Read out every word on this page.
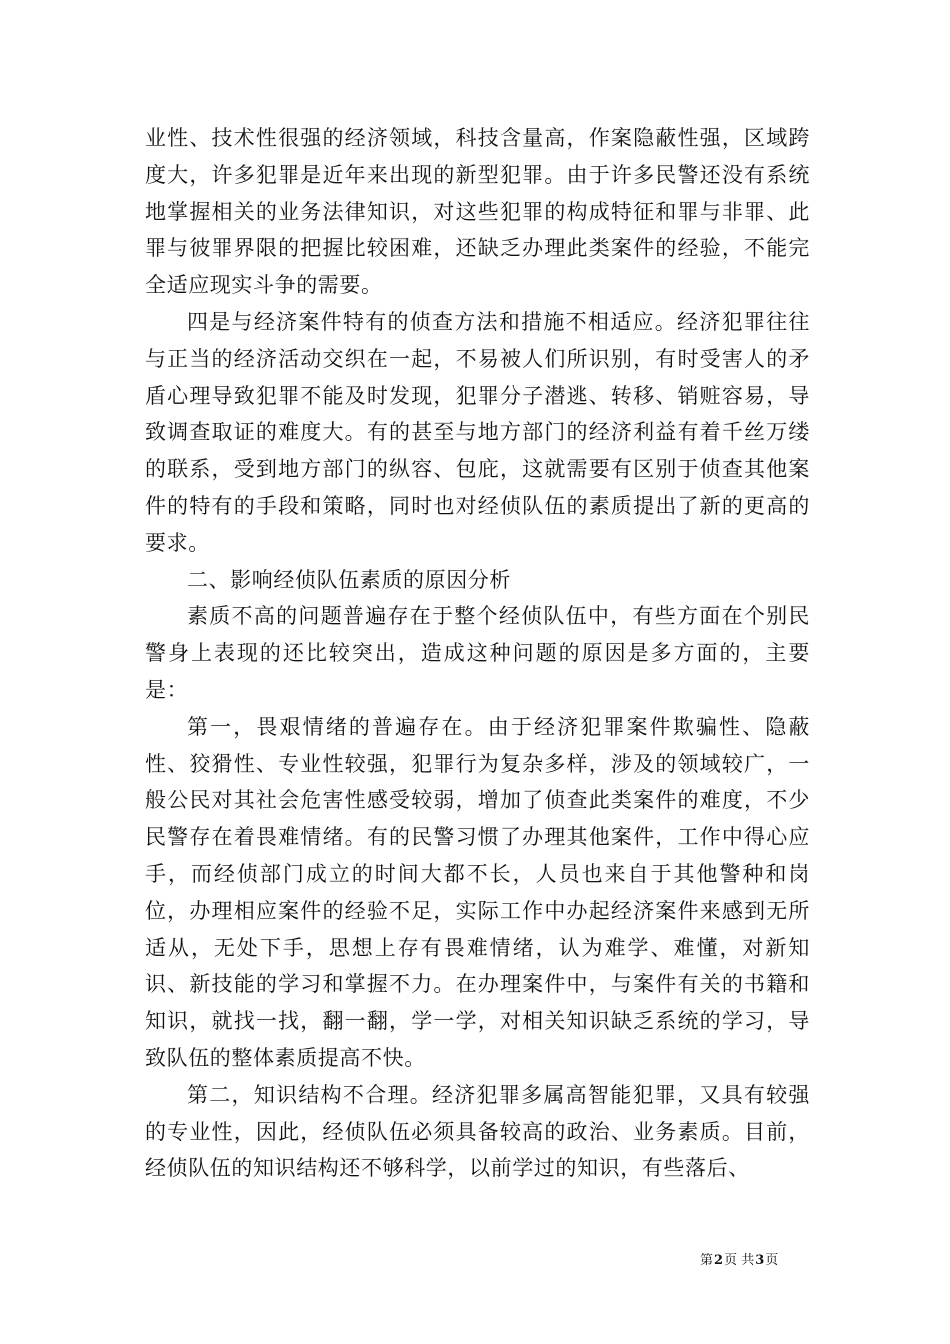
业性、技术性很强的经济领域，科技含量高，作案隐蔽性强，区域跨度大，许多犯罪是近年来出现的新型犯罪。由于许多民警还没有系统地掌握相关的业务法律知识，对这些犯罪的构成特征和罪与非罪、此罪与彼罪界限的把握比较困难，还缺乏办理此类案件的经验，不能完全适应现实斗争的需要。

四是与经济案件特有的侦查方法和措施不相适应。经济犯罪往往与正当的经济活动交织在一起，不易被人们所识别，有时受害人的矛盾心理导致犯罪不能及时发现，犯罪分子潜逃、转移、销赃容易，导致调查取证的难度大。有的甚至与地方部门的经济利益有着千丝万缕的联系，受到地方部门的纵容、包庇，这就需要有区别于侦查其他案件的特有的手段和策略，同时也对经侦队伍的素质提出了新的更高的要求。

二、影响经侦队伍素质的原因分析

素质不高的问题普遍存在于整个经侦队伍中，有些方面在个别民警身上表现的还比较突出，造成这种问题的原因是多方面的，主要是：

第一，畏艰情绪的普遍存在。由于经济犯罪案件欺骗性、隐蔽性、狡猾性、专业性较强，犯罪行为复杂多样，涉及的领域较广，一般公民对其社会危害性感受较弱，增加了侦查此类案件的难度，不少民警存在着畏难情绪。有的民警习惯了办理其他案件，工作中得心应手，而经侦部门成立的时间大都不长，人员也来自于其他警种和岗位，办理相应案件的经验不足，实际工作中办起经济案件来感到无所适从，无处下手，思想上存有畏难情绪，认为难学、难懂，对新知识、新技能的学习和掌握不力。在办理案件中，与案件有关的书籍和知识，就找一找，翻一翻，学一学，对相关知识缺乏系统的学习，导致队伍的整体素质提高不快。

第二，知识结构不合理。经济犯罪多属高智能犯罪，又具有较强的专业性，因此，经侦队伍必须具备较高的政治、业务素质。目前，经侦队伍的知识结构还不够科学，以前学过的知识，有些落后、

第2页 共3页
